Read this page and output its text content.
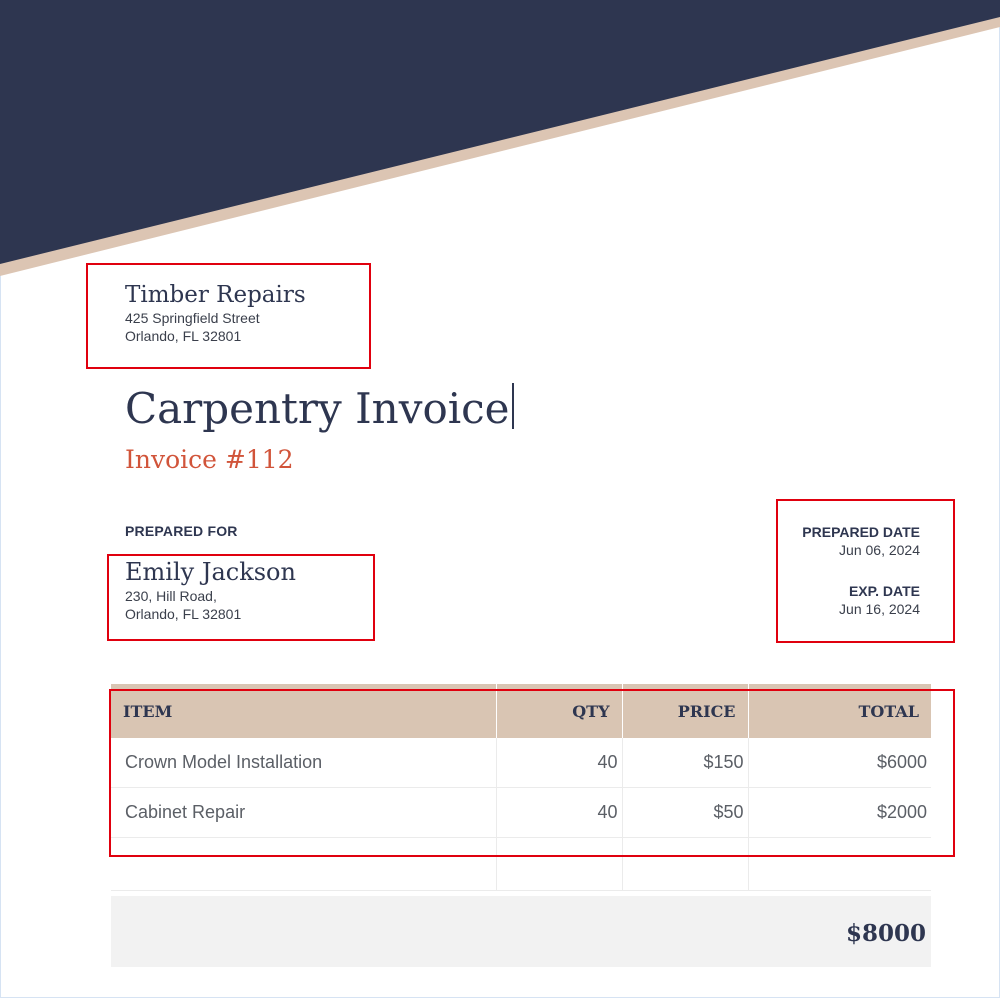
Timber Repairs
425 Springfield Street
Orlando, FL 32801
Carpentry Invoice
Invoice #112
PREPARED FOR
Emily Jackson
230, Hill Road,
Orlando, FL 32801
PREPARED DATE
Jun 06, 2024
EXP. DATE
Jun 16, 2024
ITEM	QTY	PRICE	TOTAL
Crown Model Installation	40	$150	$6000
Cabinet Repair	40	$50	$2000

$8000
